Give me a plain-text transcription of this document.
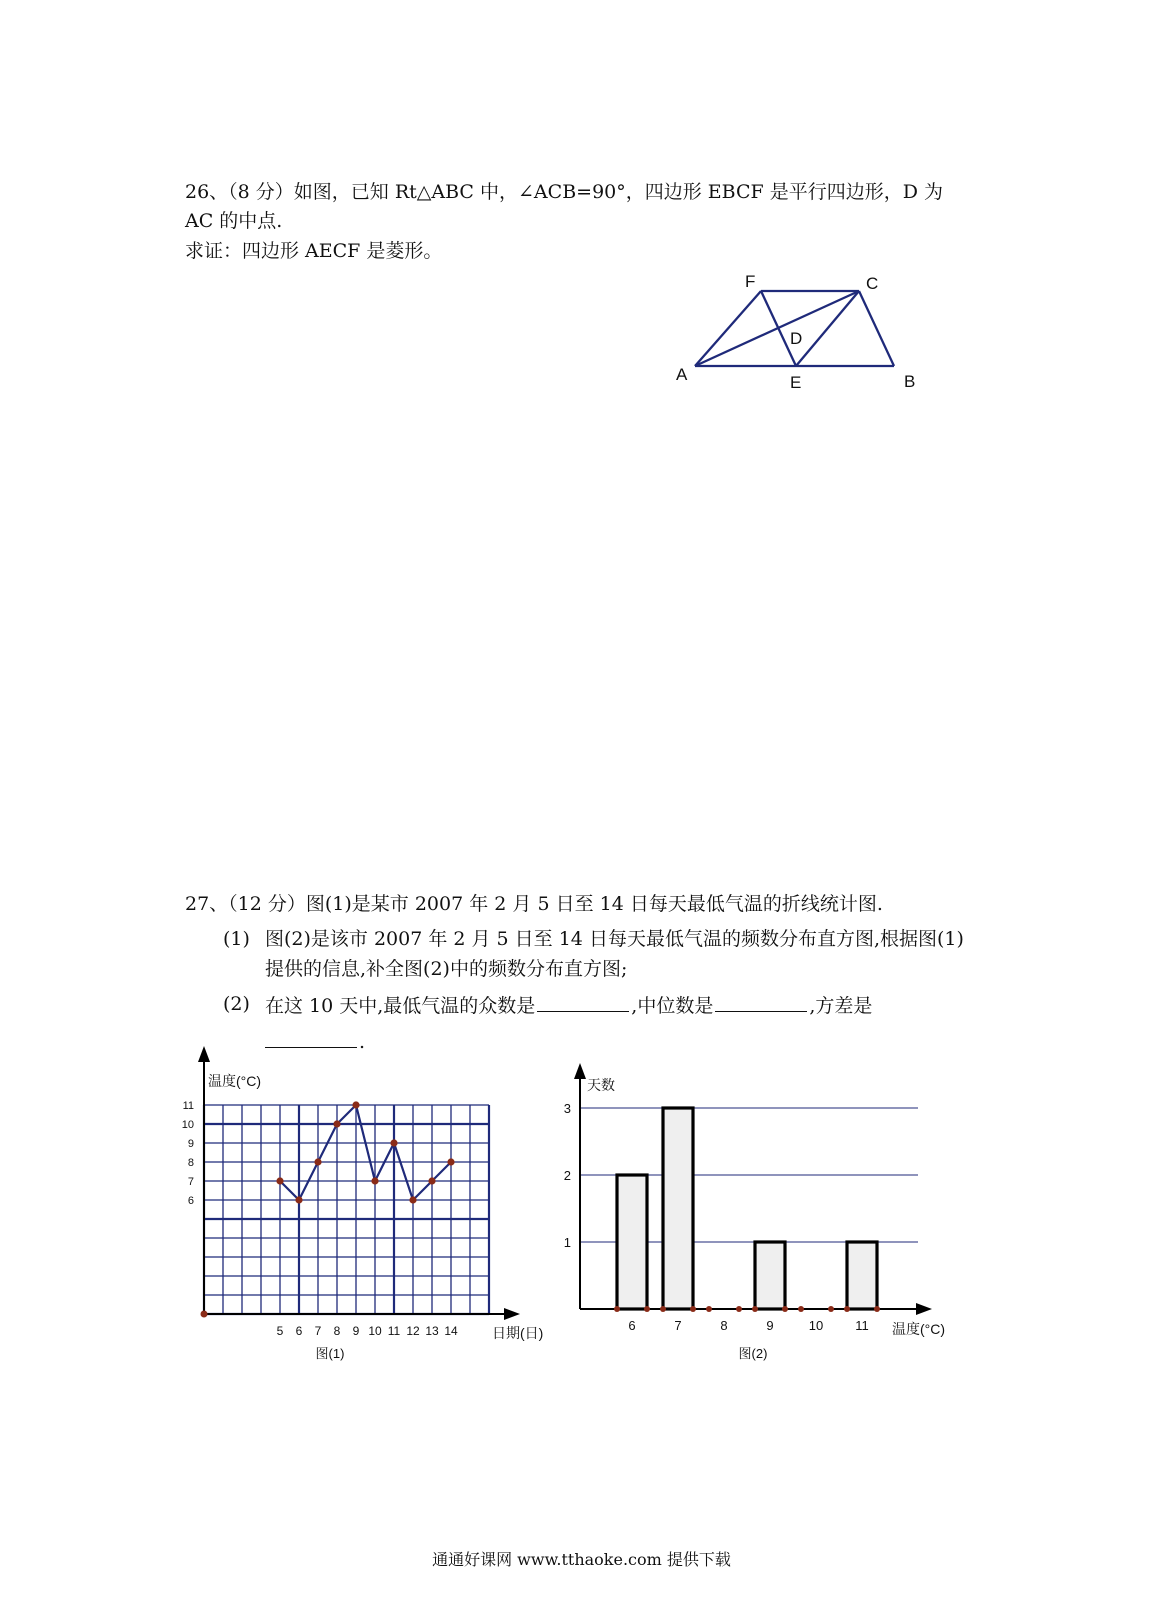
26、（8 分）如图，已知 Rt△ABC 中，∠ACB=90°，四边形 EBCF 是平行四边形，D 为
AC 的中点.
求证：四边形 AECF 是菱形。
A	B
C
D
E
F
27、（12 分）图(1)是某市 2007 年 2 月 5 日至 14 日每天最低气温的折线统计图.
(1) 图(2)是该市 2007 年 2 月 5 日至 14 日每天最低气温的频数分布直方图,根据图(1)提供的信息,补全图(2)中的频数分布直方图;
(2) 在这 10 天中,最低气温的众数是	,中位数是	,方差是
.
5 6 7 8 9 10 11 12 13 14
11
10
9
8
7
6
温度(°C)
日期(日)
图(1)
6	7	8	9	10 11
3
2
1
天数
温度(°C)
图(2)
通通好课网 www.tthaoke.com 提供下载
